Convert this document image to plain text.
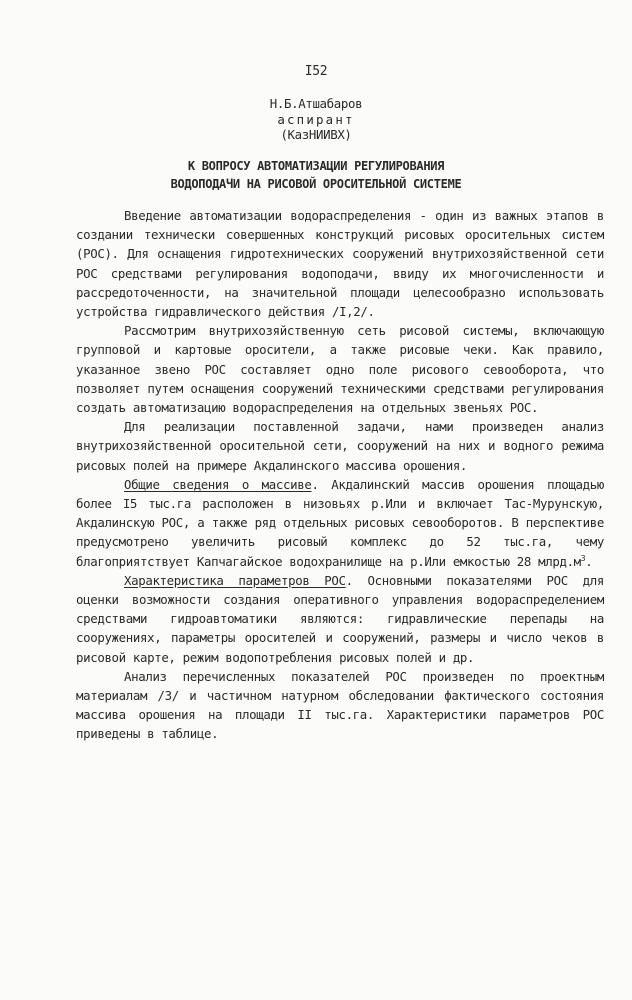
I52
Н.Б.Атшабаров
аспирант
(КазНИИВХ)
К ВОПРОСУ АВТОМАТИЗАЦИИ РЕГУЛИРОВАНИЯ
ВОДОПОДАЧИ НА РИСОВОЙ ОРОСИТЕЛЬНОЙ СИСТЕМЕ

Введение автоматизации водораспределения - один из важных этапов в создании технически совершенных конструкций рисовых оросительных систем (РОС). Для оснащения гидротехнических сооружений внутрихозяйственной сети РОС средствами регулирования водоподачи, ввиду их многочисленности и рассредоточенности, на значительной площади целесообразно использовать устройства гидравлического действия /I,2/.

Рассмотрим внутрихозяйственную сеть рисовой системы, включающую групповой и картовые оросители, а также рисовые чеки. Как правило, указанное звено РОС составляет одно поле рисового севооборота, что позволяет путем оснащения сооружений техническими средствами регулирования создать автоматизацию водораспределения на отдельных звеньях РОС.

Для реализации поставленной задачи, нами произведен анализ внутрихозяйственной оросительной сети, сооружений на них и водного режима рисовых полей на примере Акдалинского массива орошения.

Общие сведения о массиве. Акдалинский массив орошения площадью более I5 тыс.га расположен в низовьях р.Или и включает Тас-Мурунскую, Акдалинскую РОС, а также ряд отдельных рисовых севооборотов. В перспективе предусмотрено увеличить рисовый комплекс до 52 тыс.га, чему благоприятствует Капчагайское водохранилище на р.Или емкостью 28 $млрд.м^3$.

Характеристика параметров РОС. Основными показателями РОС для оценки возможности создания оперативного управления водораспределением средствами гидроавтоматики являются: гидравлические перепады на сооружениях, параметры оросителей и сооружений, размеры и число чеков в рисовой карте, режим водопотребления рисовых полей и др.

Анализ перечисленных показателей РОС произведен по проектным материалам /3/ и частичном натурном обследовании фактического состояния массива орошения на площади II тыс.га. Характеристики параметров РОС приведены в таблице.
